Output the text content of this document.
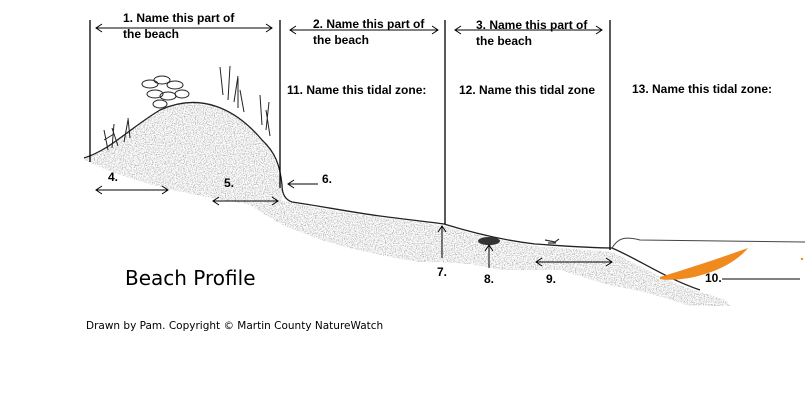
1. Name this part of
the beach
2. Name this part of
the beach
3. Name this part of
the beach
11. Name this tidal zone:	12. Name this tidal zone	13. Name this tidal zone:
4.	5.	6.
7.	8.	9.	10.
Beach Profile
Drawn by Pam. Copyright © Martin County NatureWatch
